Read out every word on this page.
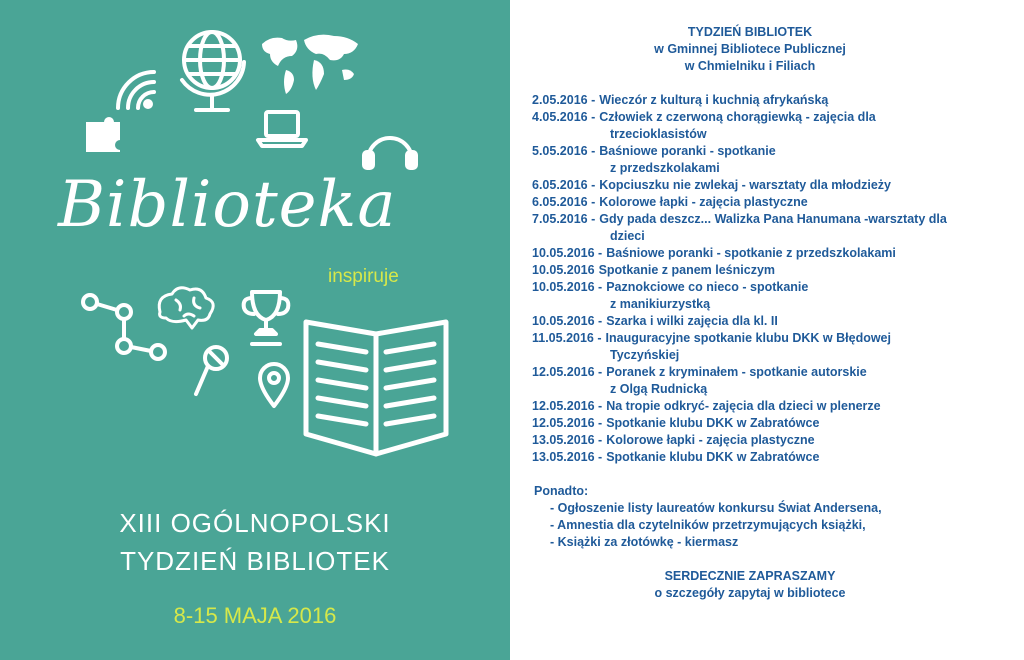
Biblioteka
inspiruje
XIII OGÓLNOPOLSKI
TYDZIEŃ BIBLIOTEK
8-15 MAJA 2016
TYDZIEŃ BIBLIOTEK
w Gminnej Bibliotece Publicznej
w Chmielniku i Filiach
2.05.2016 - Wieczór z kulturą i kuchnią afrykańską
4.05.2016 - Człowiek z czerwoną chorągiewką - zajęcia dla
trzecioklasistów
5.05.2016 - Baśniowe poranki - spotkanie
z przedszkolakami
6.05.2016 - Kopciuszku nie zwlekaj - warsztaty dla młodzieży
6.05.2016 - Kolorowe łapki - zajęcia plastyczne
7.05.2016 - Gdy pada deszcz... Walizka Pana Hanumana -warsztaty dla
dzieci
10.05.2016 - Baśniowe poranki - spotkanie z przedszkolakami
10.05.2016 Spotkanie z panem leśniczym
10.05.2016 - Paznokciowe co nieco - spotkanie
z manikiurzystką
10.05.2016 - Szarka i wilki zajęcia dla kl. II
11.05.2016 - Inauguracyjne spotkanie klubu DKK w Błędowej
Tyczyńskiej
12.05.2016 - Poranek z kryminałem - spotkanie autorskie
z Olgą Rudnicką
12.05.2016 - Na tropie odkryć- zajęcia dla dzieci w plenerze
12.05.2016 - Spotkanie klubu DKK w Zabratówce
13.05.2016 - Kolorowe łapki - zajęcia plastyczne
13.05.2016 - Spotkanie klubu DKK w Zabratówce
Ponadto:
- Ogłoszenie listy laureatów konkursu Świat Andersena,
- Amnestia dla czytelników przetrzymujących książki,
- Książki za złotówkę - kiermasz
SERDECZNIE ZAPRASZAMY
o szczegóły zapytaj w bibliotece
